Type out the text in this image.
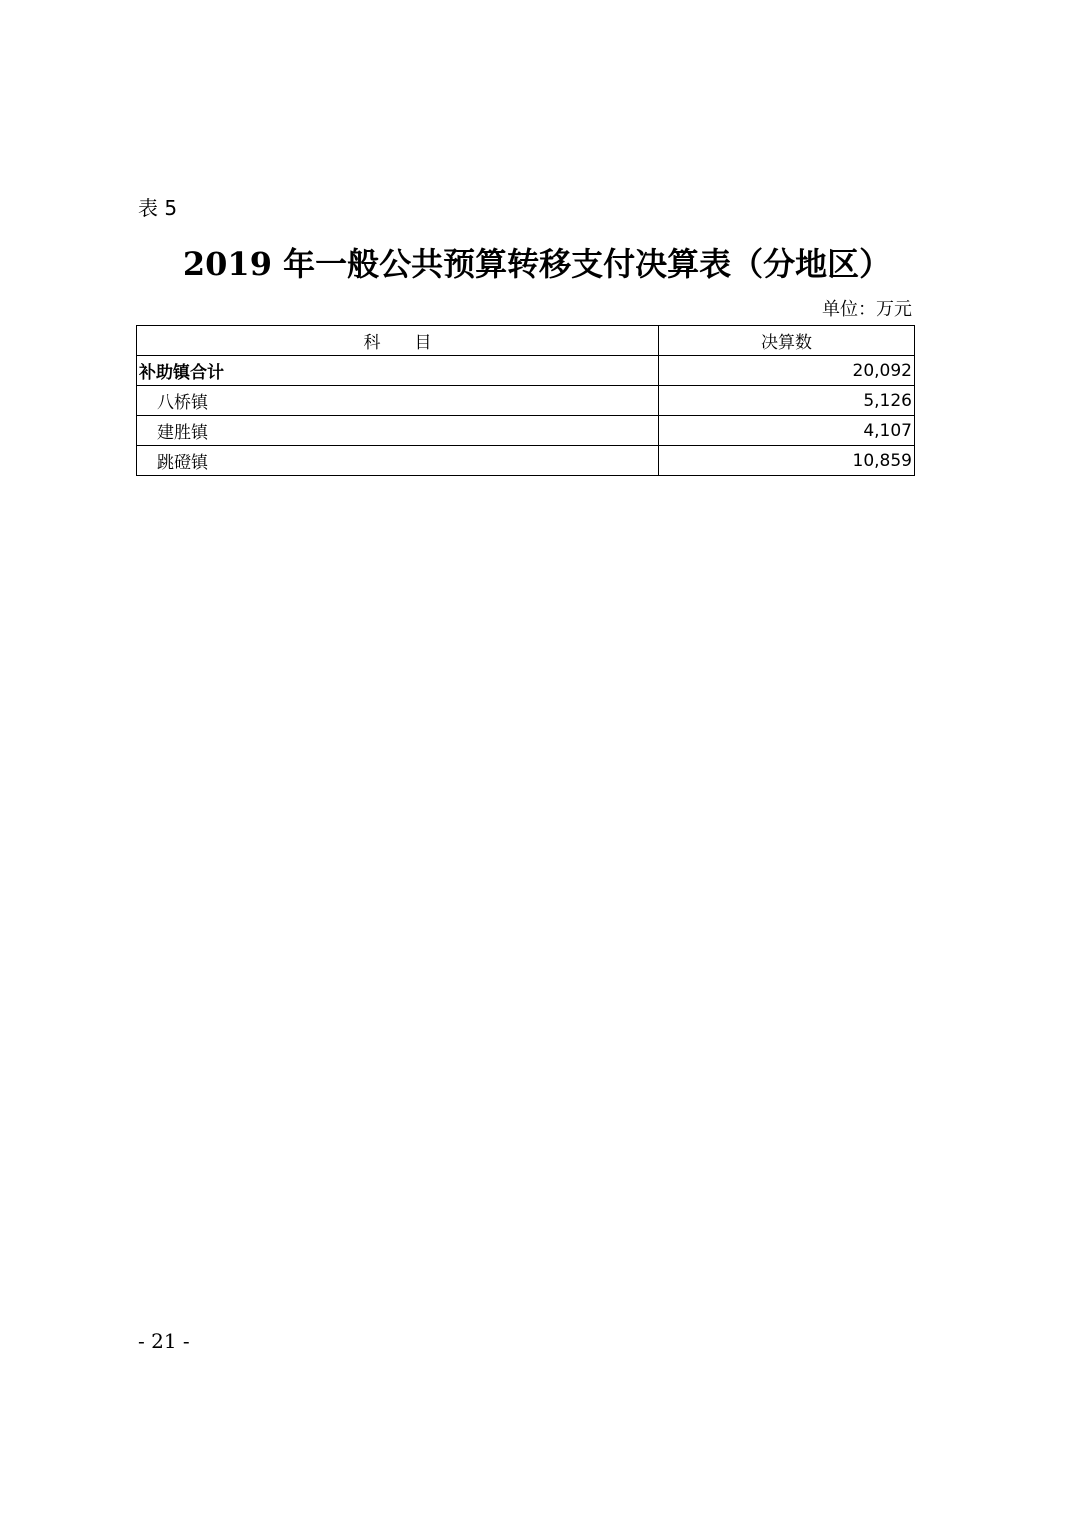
表 5
2019 年一般公共预算转移支付决算表（分地区）
单位：万元
科　　目	决算数
补助镇合计	20,092
八桥镇	5,126
建胜镇	4,107
跳磴镇	10,859
- 21 -
